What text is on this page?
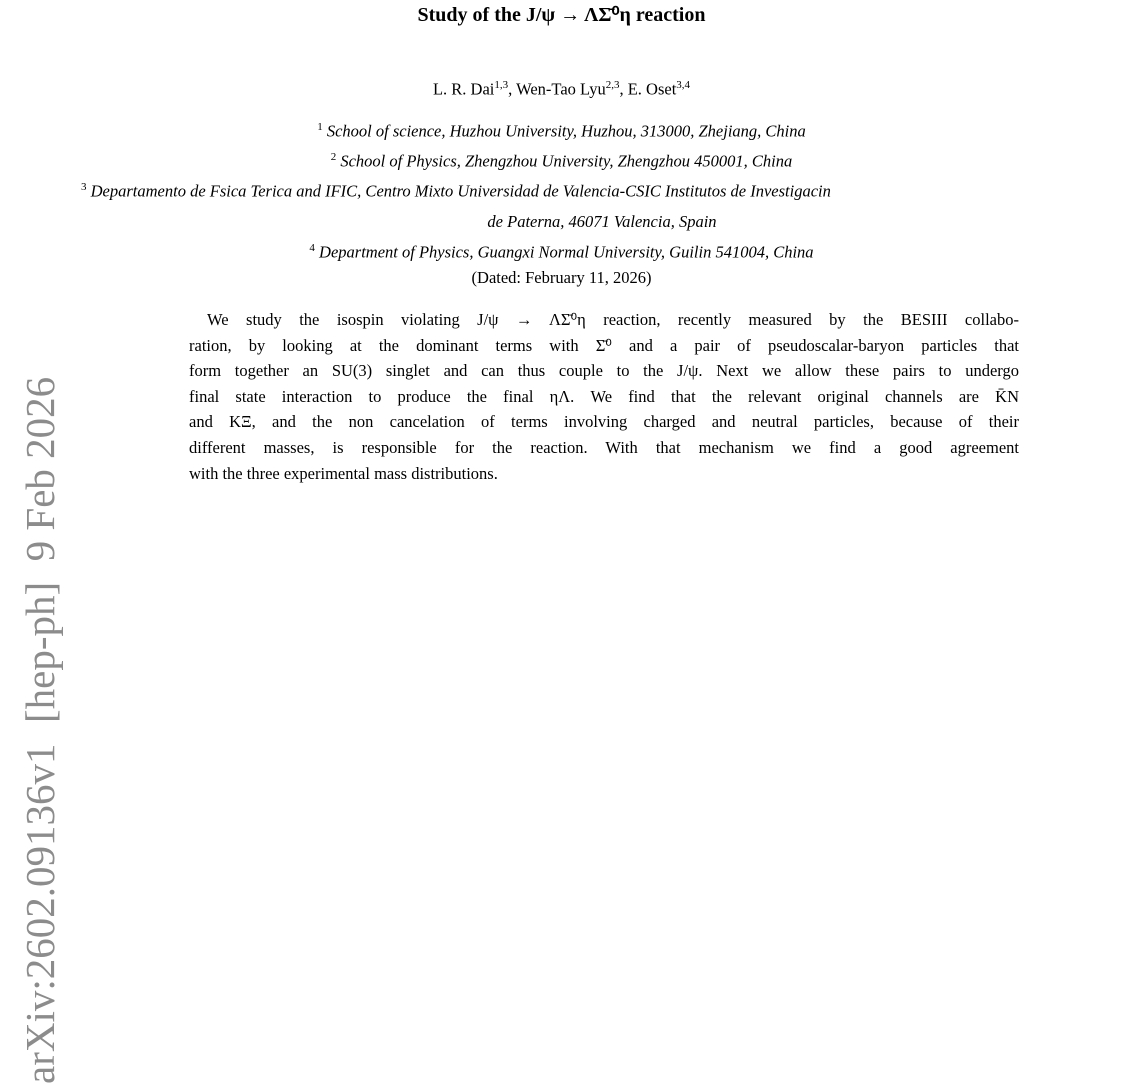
arXiv:2602.09136v1  [hep-ph]  9 Feb 2026
Study of the J/ψ → ΛΣ̄⁰η reaction
L. R. Dai$^{1,3}$, Wen-Tao Lyu$^{2,3}$, E. Oset$^{3,4}$
$^1$ School of science, Huzhou University, Huzhou, 313000, Zhejiang, China
$^2$ School of Physics, Zhengzhou University, Zhengzhou 450001, China
$^3$ Departamento de Fsica Terica and IFIC, Centro Mixto Universidad de Valencia-CSIC Institutos de Investigacin
de Paterna, 46071 Valencia, Spain
$^4$ Department of Physics, Guangxi Normal University, Guilin 541004, China
(Dated: February 11, 2026)
We study the isospin violating J/ψ → ΛΣ̄⁰η reaction, recently measured by the BESIII collabo-
ration, by looking at the dominant terms with Σ̄⁰ and a pair of pseudoscalar-baryon particles that
form together an SU(3) singlet and can thus couple to the J/ψ. Next we allow these pairs to undergo
final state interaction to produce the final ηΛ. We find that the relevant original channels are K̄N
and KΞ, and the non cancelation of terms involving charged and neutral particles, because of their
different masses, is responsible for the reaction. With that mechanism we find a good agreement
with the three experimental mass distributions.
